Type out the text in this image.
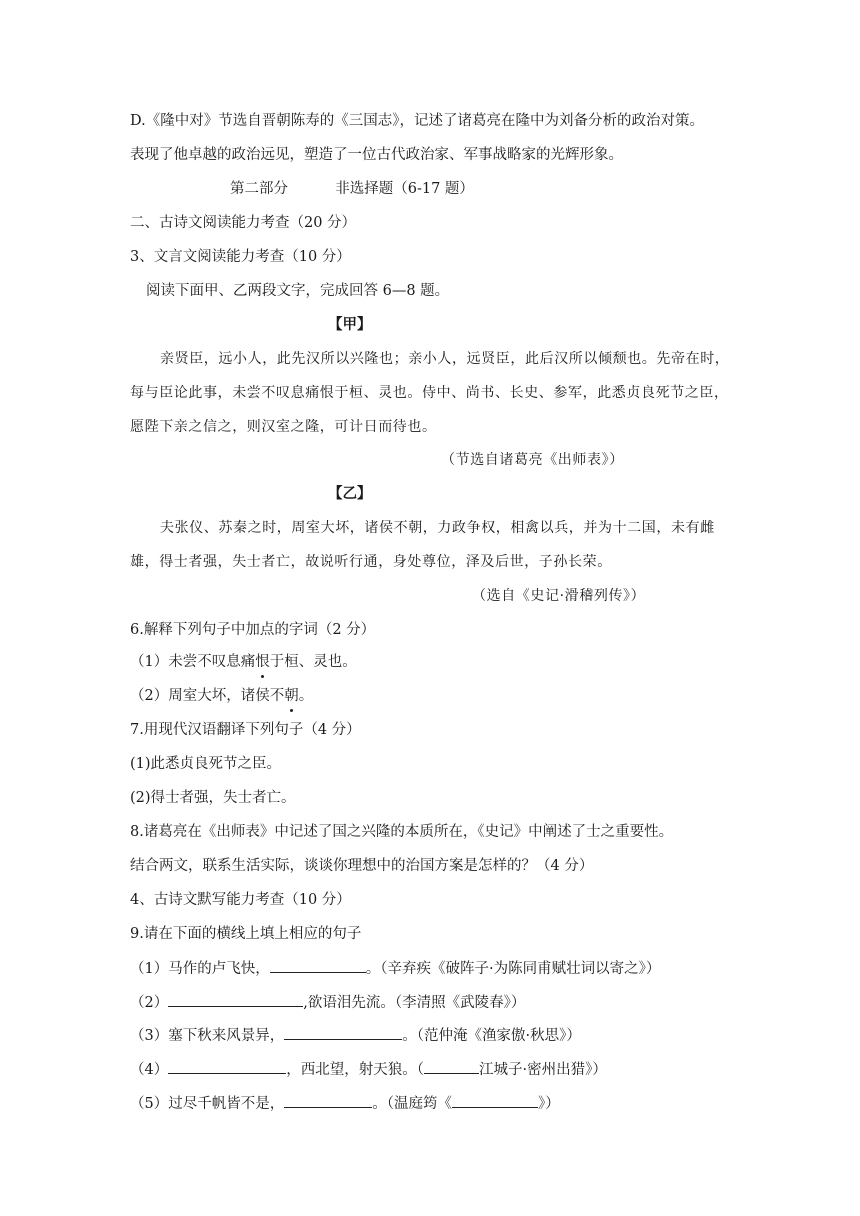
D.《隆中对》节选自晋朝陈寿的《三国志》，记述了诸葛亮在隆中为刘备分析的政治对策。
表现了他卓越的政治远见，塑造了一位古代政治家、军事战略家的光辉形象。
第二部分	非选择题（6-17 题）
二、古诗文阅读能力考查（20 分）
3、文言文阅读能力考查（10 分）
阅读下面甲、乙两段文字，完成回答 6—8 题。
【甲】
亲贤臣，远小人，此先汉所以兴隆也；亲小人，远贤臣，此后汉所以倾颓也。先帝在时，
每与臣论此事，未尝不叹息痛恨于桓、灵也。侍中、尚书、长史、参军，此悉贞良死节之臣，
愿陛下亲之信之，则汉室之隆，可计日而待也。
（节选自诸葛亮《出师表》）
【乙】
夫张仪、苏秦之时，周室大坏，诸侯不朝，力政争权，相禽以兵，并为十二国，未有雌
雄，得士者强，失士者亡，故说听行通，身处尊位，泽及后世，子孙长荣。
（选自《史记·滑稽列传》）
6.解释下列句子中加点的字词（2 分）
（1）未尝不叹息痛恨于桓、灵也。
（2）周室大坏，诸侯不朝。
7.用现代汉语翻译下列句子（4 分）
(1)此悉贞良死节之臣。
(2)得士者强，失士者亡。
8.诸葛亮在《出师表》中记述了国之兴隆的本质所在，《史记》中阐述了士之重要性。
结合两文，联系生活实际，谈谈你理想中的治国方案是怎样的？（4 分）
4、古诗文默写能力考查（10 分）
9.请在下面的横线上填上相应的句子
（1）马作的卢飞快，	。（辛弃疾《破阵子·为陈同甫赋壮词以寄之》）
（2）	,欲语泪先流。（李清照《武陵春》）
（3）塞下秋来风景异，	。（范仲淹《渔家傲·秋思》）
（4）	，西北望，射天狼。（	江城子·密州出猎》）
（5）过尽千帆皆不是，	。（温庭筠《	》）
